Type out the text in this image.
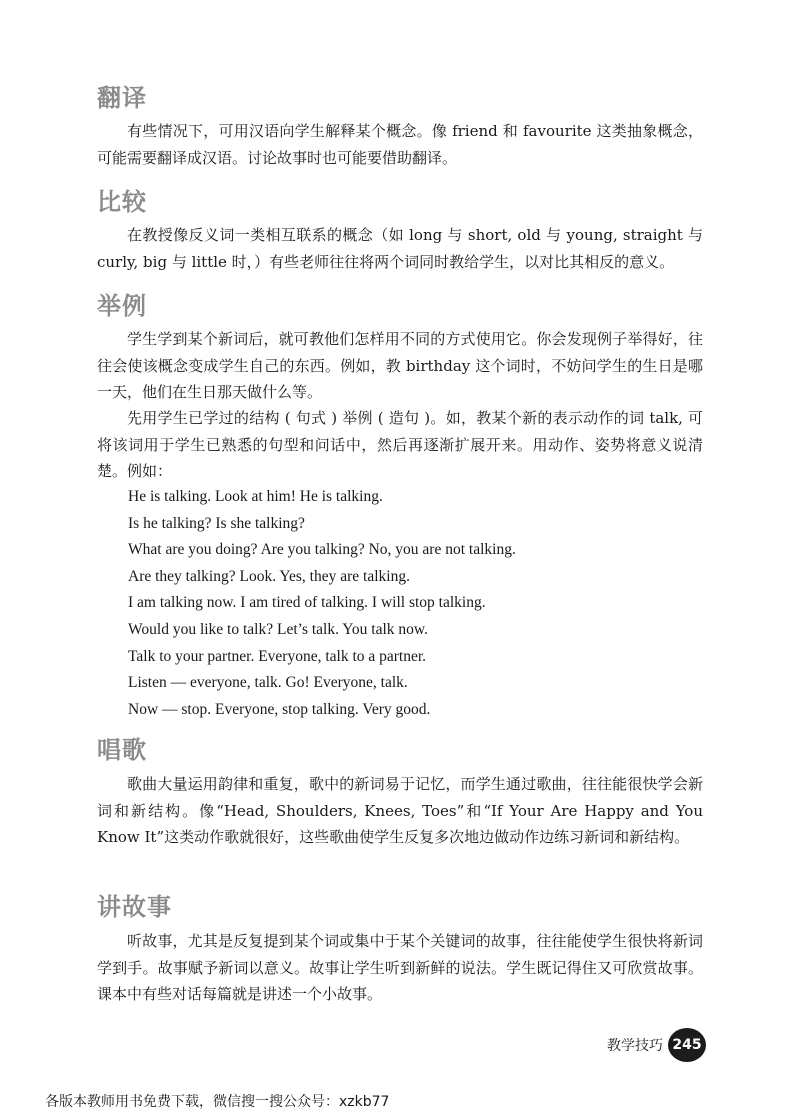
翻译

有些情况下，可用汉语向学生解释某个概念。像 friend 和 favourite 这类抽象概念，可能需要翻译成汉语。讨论故事时也可能要借助翻译。

比较

在教授像反义词一类相互联系的概念（如 long 与 short, old 与 young, straight 与 curly, big 与 little 时，）有些老师往往将两个词同时教给学生，以对比其相反的意义。

举例

学生学到某个新词后，就可教他们怎样用不同的方式使用它。你会发现例子举得好，往往会使该概念变成学生自己的东西。例如，教 birthday 这个词时，不妨问学生的生日是哪一天，他们在生日那天做什么等。

先用学生已学过的结构 ( 句式 ) 举例 ( 造句 )。如，教某个新的表示动作的词 talk, 可将该词用于学生已熟悉的句型和问话中，然后再逐渐扩展开来。用动作、姿势将意义说清楚。例如：

He is talking. Look at him! He is talking.
Is he talking? Is she talking?
What are you doing? Are you talking? No, you are not talking.
Are they talking? Look. Yes, they are talking.
I am talking now. I am tired of talking. I will stop talking.
Would you like to talk? Let’s talk. You talk now.
Talk to your partner. Everyone, talk to a partner.
Listen — everyone, talk. Go! Everyone, talk.
Now — stop. Everyone, stop talking. Very good.
唱歌

歌曲大量运用韵律和重复，歌中的新词易于记忆，而学生通过歌曲，往往能很快学会新词和新结构。像“Head, Shoulders, Knees, Toes”和“If Your Are Happy and You Know It”这类动作歌就很好，这些歌曲使学生反复多次地边做动作边练习新词和新结构。

讲故事

听故事，尤其是反复提到某个词或集中于某个关键词的故事，往往能使学生很快将新词学到手。故事赋予新词以意义。故事让学生听到新鲜的说法。学生既记得住又可欣赏故事。课本中有些对话每篇就是讲述一个小故事。

教学技巧 245
各版本教师用书免费下载，微信搜一搜公众号：xzkb77
